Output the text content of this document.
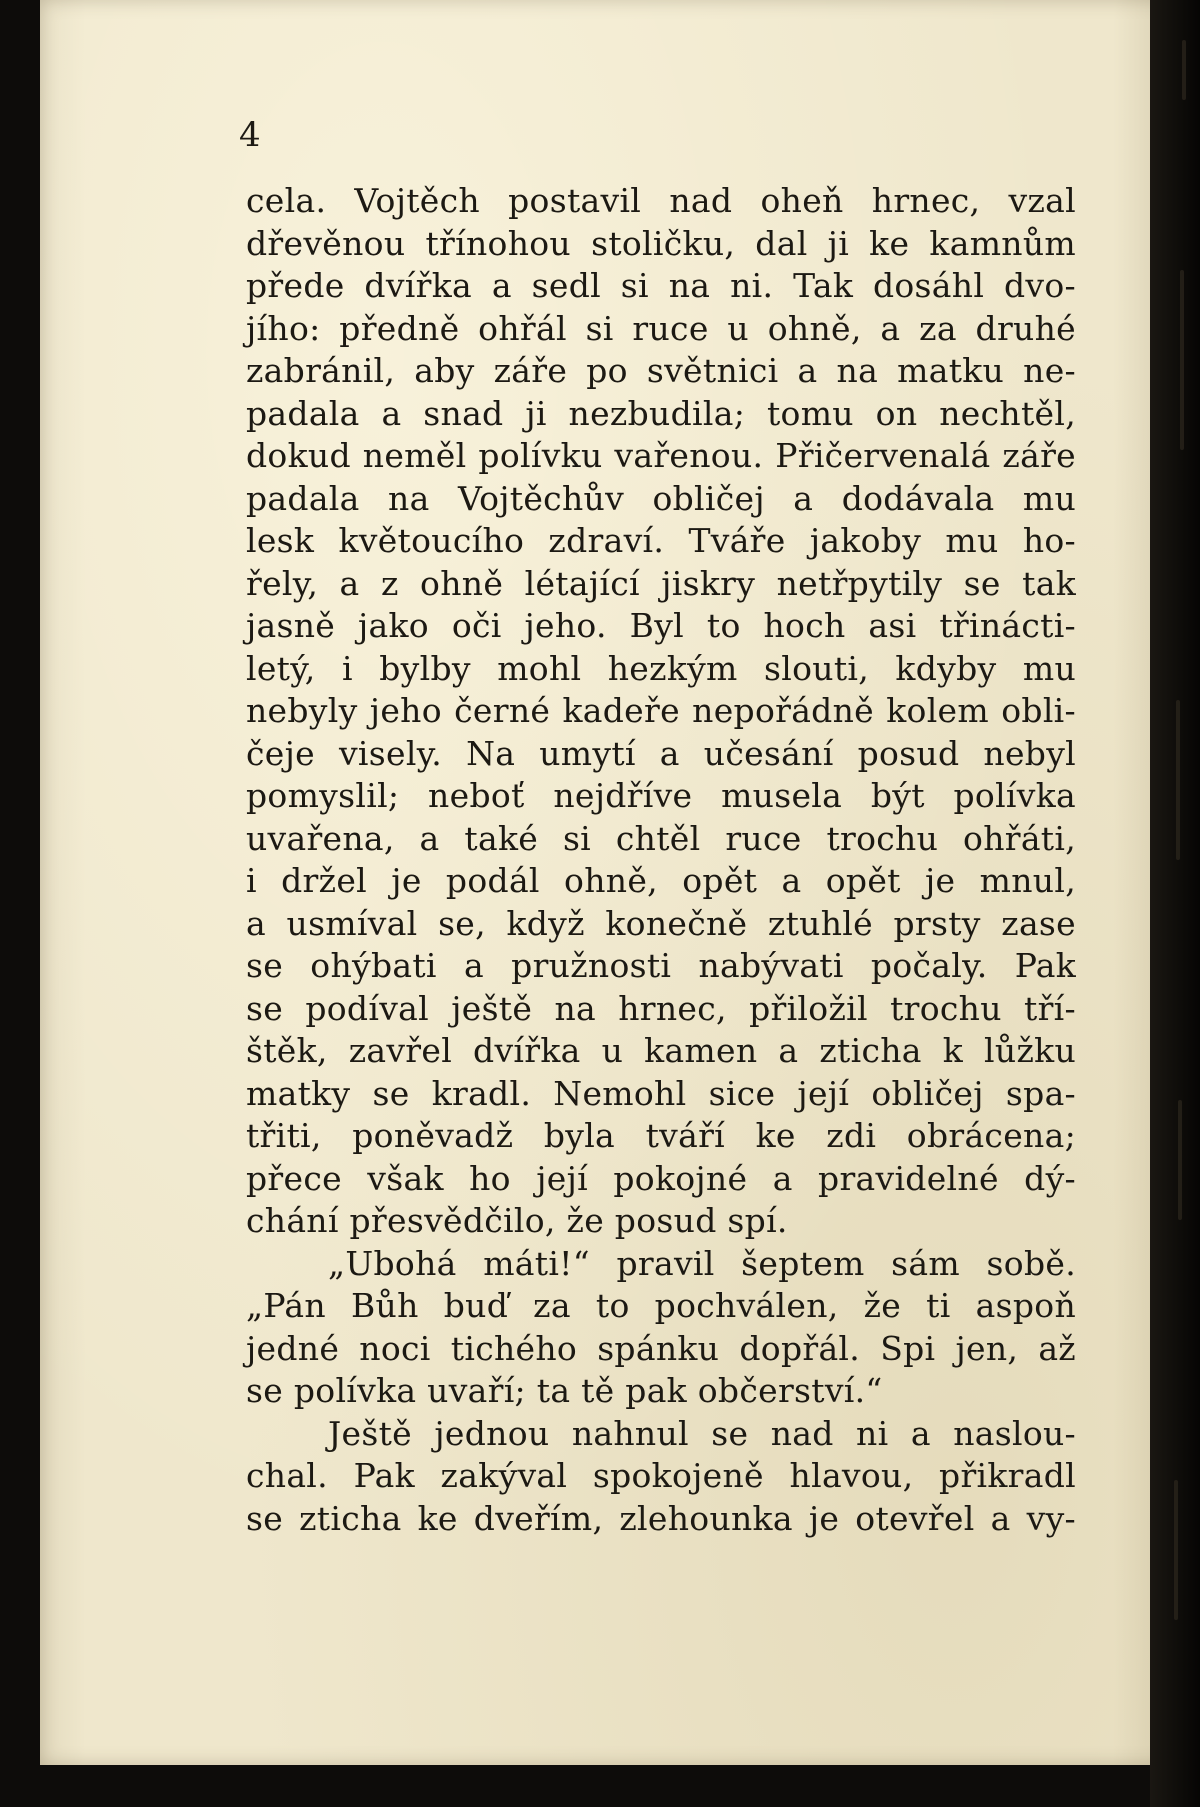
4
cela. Vojtěch postavil nad oheň hrnec, vzal
dřevěnou třínohou stoličku, dal ji ke kamnům
přede dvířka a sedl si na ni. Tak dosáhl dvo-
jího: předně ohřál si ruce u ohně, a za druhé
zabránil, aby záře po světnici a na matku ne-
padala a snad ji nezbudila; tomu on nechtěl,
dokud neměl polívku vařenou. Přičervenalá záře
padala na Vojtěchův obličej a dodávala mu
lesk květoucího zdraví. Tváře jakoby mu ho-
řely, a z ohně létající jiskry netřpytily se tak
jasně jako oči jeho. Byl to hoch asi třinácti-
letý, i bylby mohl hezkým slouti, kdyby mu
nebyly jeho černé kadeře nepořádně kolem obli-
čeje visely. Na umytí a učesání posud nebyl
pomyslil; neboť nejdříve musela být polívka
uvařena, a také si chtěl ruce trochu ohřáti,
i držel je podál ohně, opět a opět je mnul,
a usmíval se, když konečně ztuhlé prsty zase
se ohýbati a pružnosti nabývati počaly. Pak
se podíval ještě na hrnec, přiložil trochu tří-
štěk, zavřel dvířka u kamen a zticha k lůžku
matky se kradl. Nemohl sice její obličej spa-
třiti, poněvadž byla tváří ke zdi obrácena;
přece však ho její pokojné a pravidelné dý-
chání přesvědčilo, že posud spí.
„Ubohá máti!“ pravil šeptem sám sobě.
„Pán Bůh buď za to pochválen, že ti aspoň
jedné noci tichého spánku dopřál. Spi jen, až
se polívka uvaří; ta tě pak občerství.“
Ještě jednou nahnul se nad ni a naslou-
chal. Pak zakýval spokojeně hlavou, přikradl
se zticha ke dveřím, zlehounka je otevřel a vy-
